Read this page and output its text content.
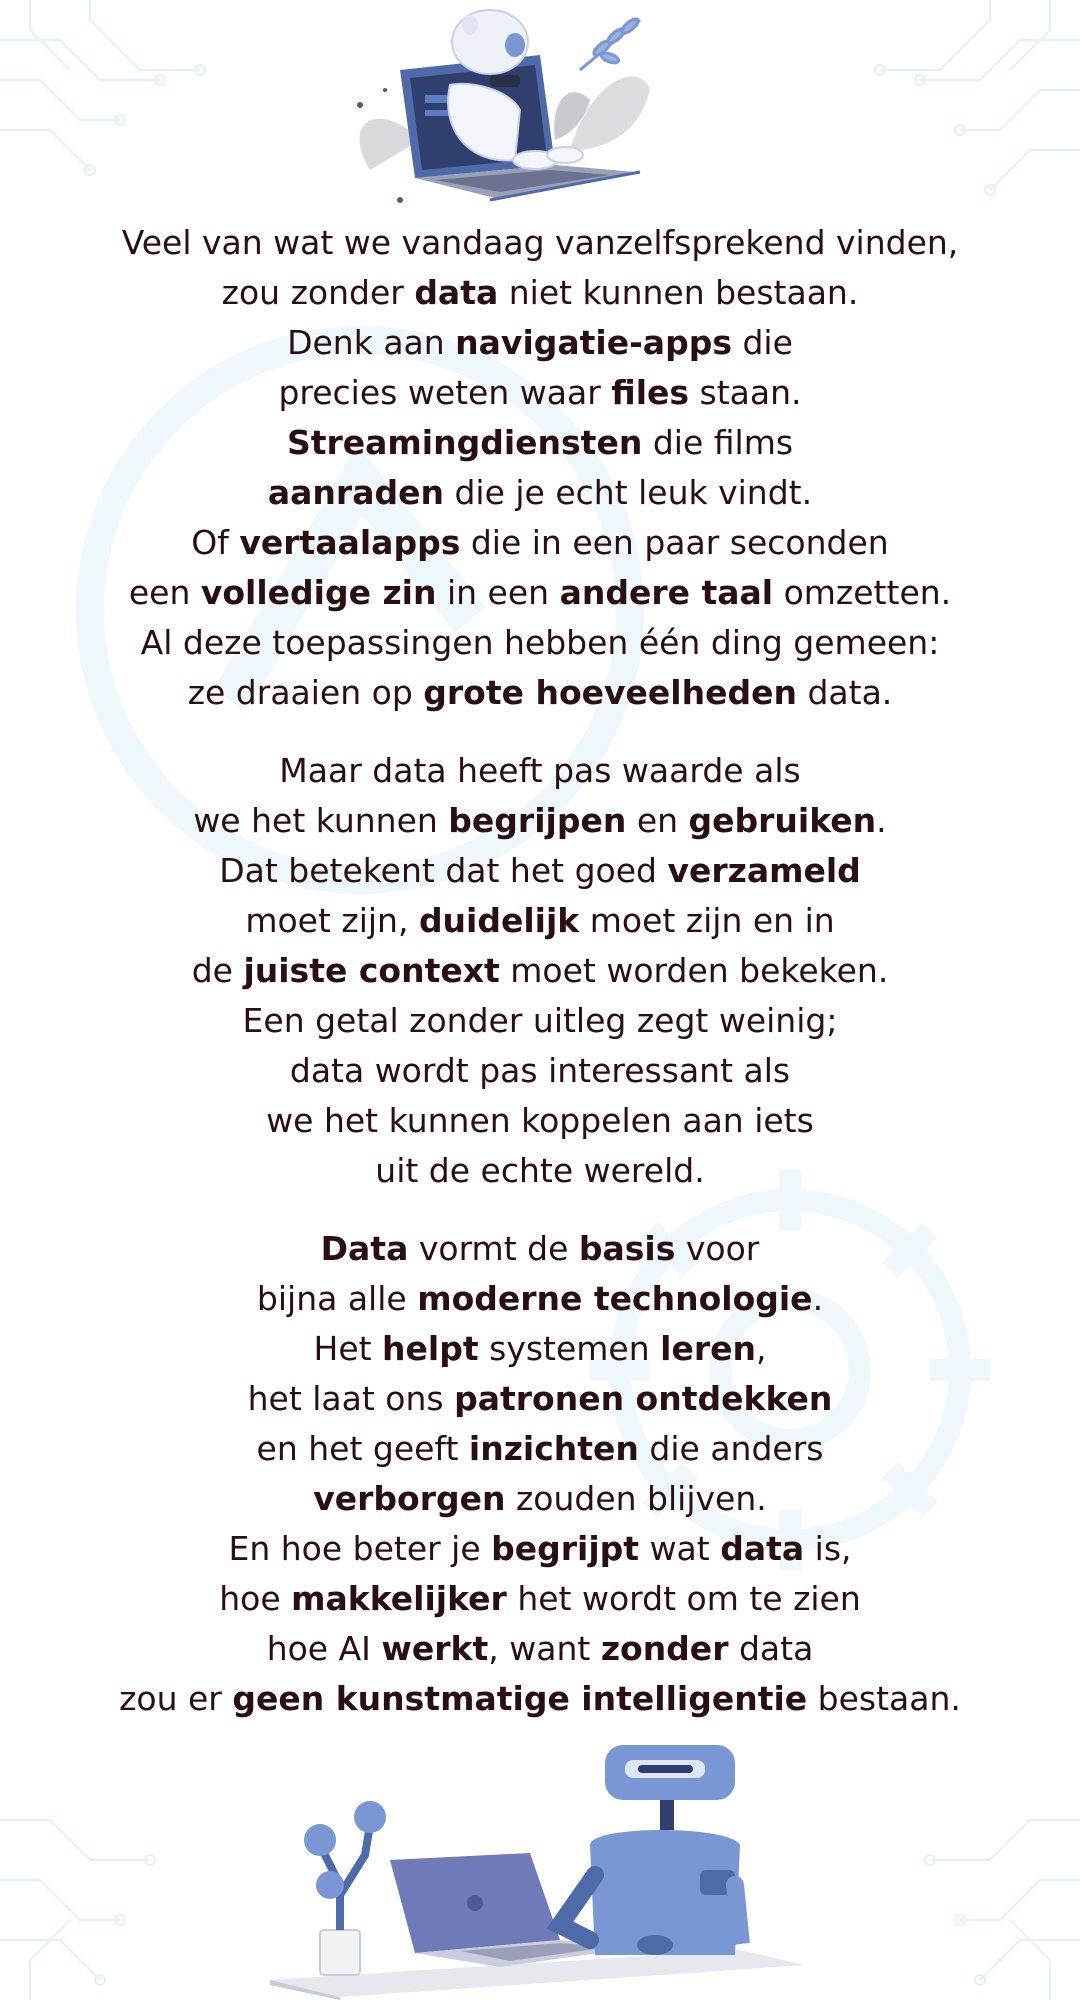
Veel van wat we vandaag vanzelfsprekend vinden,
zou zonder data niet kunnen bestaan.
Denk aan navigatie-apps die
precies weten waar files staan.
Streamingdiensten die films
aanraden die je echt leuk vindt.
Of vertaalapps die in een paar seconden
een volledige zin in een andere taal omzetten.
Al deze toepassingen hebben één ding gemeen:
ze draaien op grote hoeveelheden data.
Maar data heeft pas waarde als
we het kunnen begrijpen en gebruiken.
Dat betekent dat het goed verzameld
moet zijn, duidelijk moet zijn en in
de juiste context moet worden bekeken.
Een getal zonder uitleg zegt weinig;
data wordt pas interessant als
we het kunnen koppelen aan iets
uit de echte wereld.
Data vormt de basis voor
bijna alle moderne technologie.
Het helpt systemen leren,
het laat ons patronen ontdekken
en het geeft inzichten die anders
verborgen zouden blijven.
En hoe beter je begrijpt wat data is,
hoe makkelijker het wordt om te zien
hoe AI werkt, want zonder data
zou er geen kunstmatige intelligentie bestaan.
